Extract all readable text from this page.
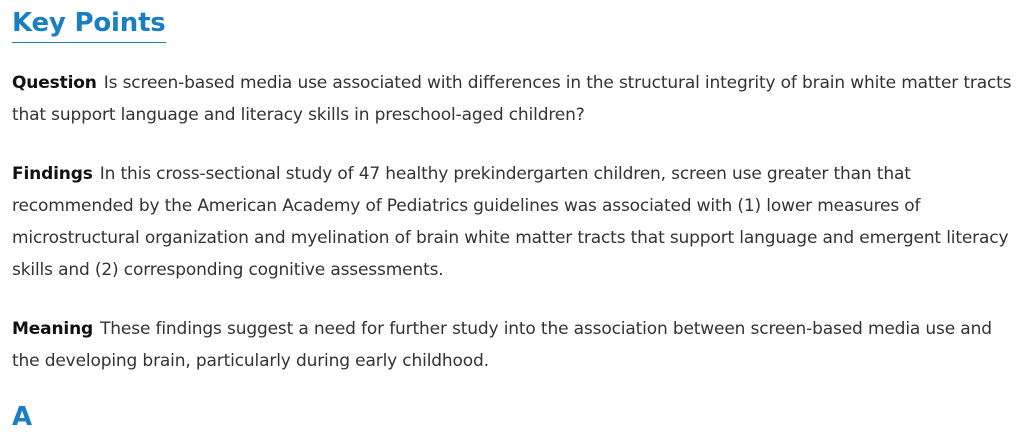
Key Points

Question Is screen-based media use associated with differences in the structural integrity of brain white matter tracts that support language and literacy skills in preschool-aged children?

Findings In this cross-sectional study of 47 healthy prekindergarten children, screen use greater than that recommended by the American Academy of Pediatrics guidelines was associated with (1) lower measures of microstructural organization and myelination of brain white matter tracts that support language and emergent literacy skills and (2) corresponding cognitive assessments.

Meaning These findings suggest a need for further study into the association between screen-based media use and the developing brain, particularly during early childhood.

A
